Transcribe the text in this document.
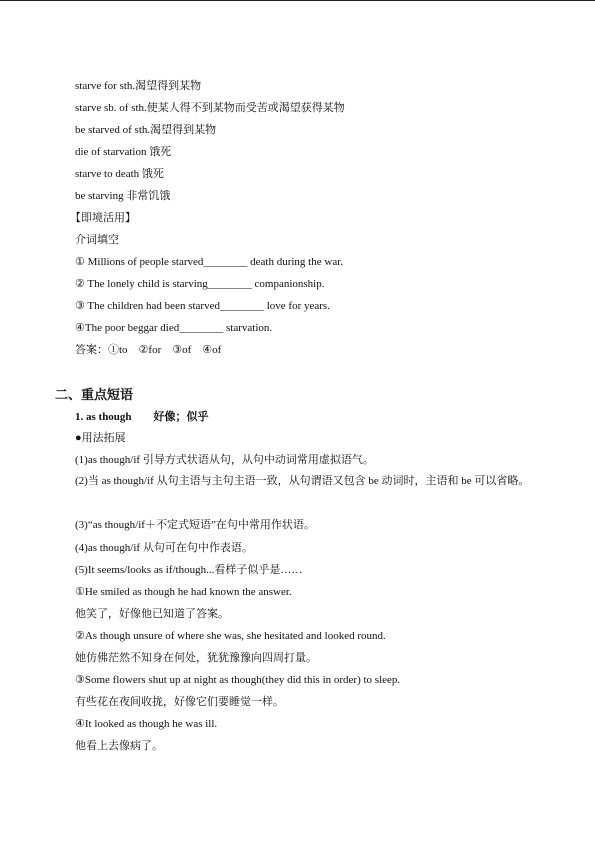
starve for sth.渴望得到某物
starve sb. of sth.使某人得不到某物而受苦或渴望获得某物
be starved of sth.渴望得到某物
die of starvation 饿死
starve to death 饿死
be starving 非常饥饿
【即境活用】
介词填空
① Millions of people starved________ death during the war.
② The lonely child is starving________ companionship.
③ The children had been starved________ love for years.
④The poor beggar died________ starvation.
答案：①to    ②for    ③of    ④of
二、重点短语
1. as though        好像；似乎
●用法拓展
(1)as though/if 引导方式状语从句，从句中动词常用虚拟语气。
(2)当 as though/if 从句主语与主句主语一致，从句谓语又包含 be 动词时，主语和 be 可以省略。
(3)“as though/if＋不定式短语”在句中常用作状语。
(4)as though/if 从句可在句中作表语。
(5)It seems/looks as if/though...看样子似乎是……
①He smiled as though he had known the answer.
他笑了，好像他已知道了答案。
②As though unsure of where she was, she hesitated and looked round.
她仿佛茫然不知身在何处，犹犹豫豫向四周打量。
③Some flowers shut up at night as though(they did this in order) to sleep.
有些花在夜间收拢，好像它们要睡觉一样。
④It looked as though he was ill.
他看上去像病了。
